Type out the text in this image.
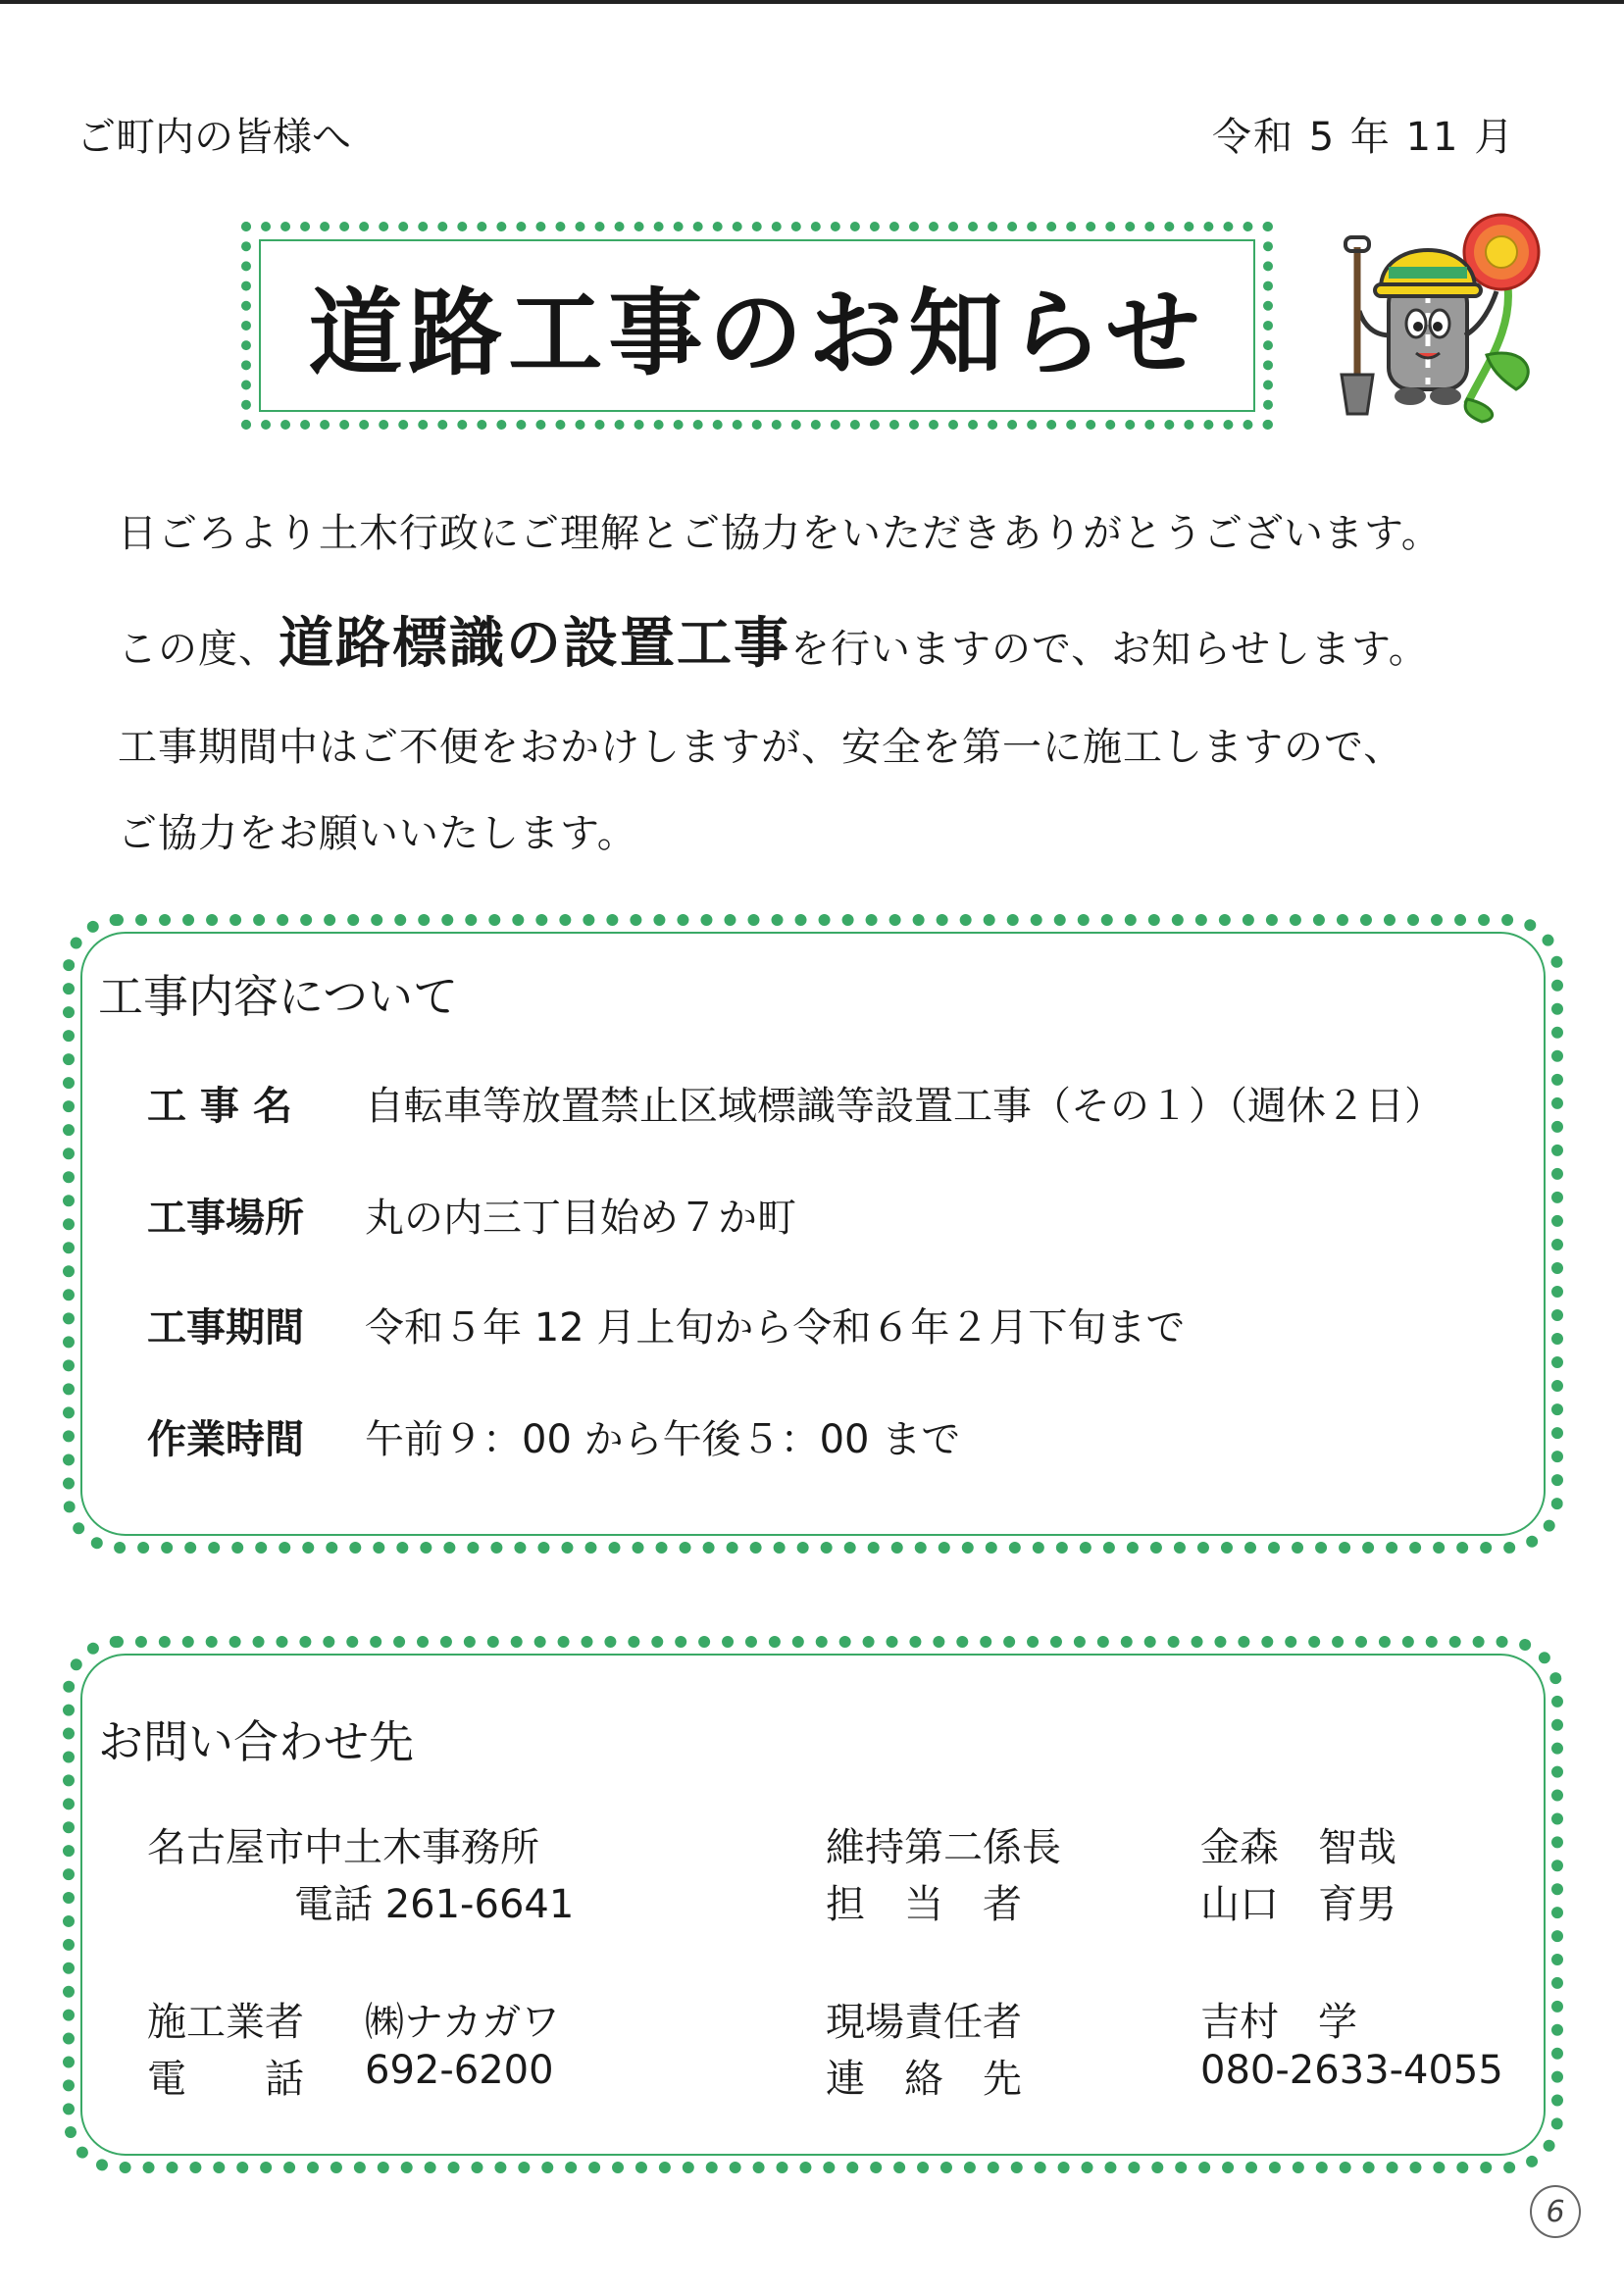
ご町内の皆様へ	令和 5 年 11 月
道路工事のお知らせ
日ごろより土木行政にご理解とご協力をいただきありがとうございます。
この度、道路標識の設置工事を行いますので、お知らせします。
工事期間中はご不便をおかけしますが、安全を第一に施工しますので、
ご協力をお願いいたします。
工事内容について
工 事 名 自転車等放置禁止区域標識等設置工事（その１）（週休２日）
工事場所 丸の内三丁目始め７か町
工事期間 令和５年 12 月上旬から令和６年２月下旬まで
作業時間 午前９：00 から午後５：00 まで
お問い合わせ先
名古屋市中土木事務所
電話 261-6641
施工業者 ㈱ナカガワ
電　　話 692-6200
維持第二係長	金森　智哉
担　当　者	山口　育男
現場責任者	吉村　学
連　絡　先	080-2633-4055
6
